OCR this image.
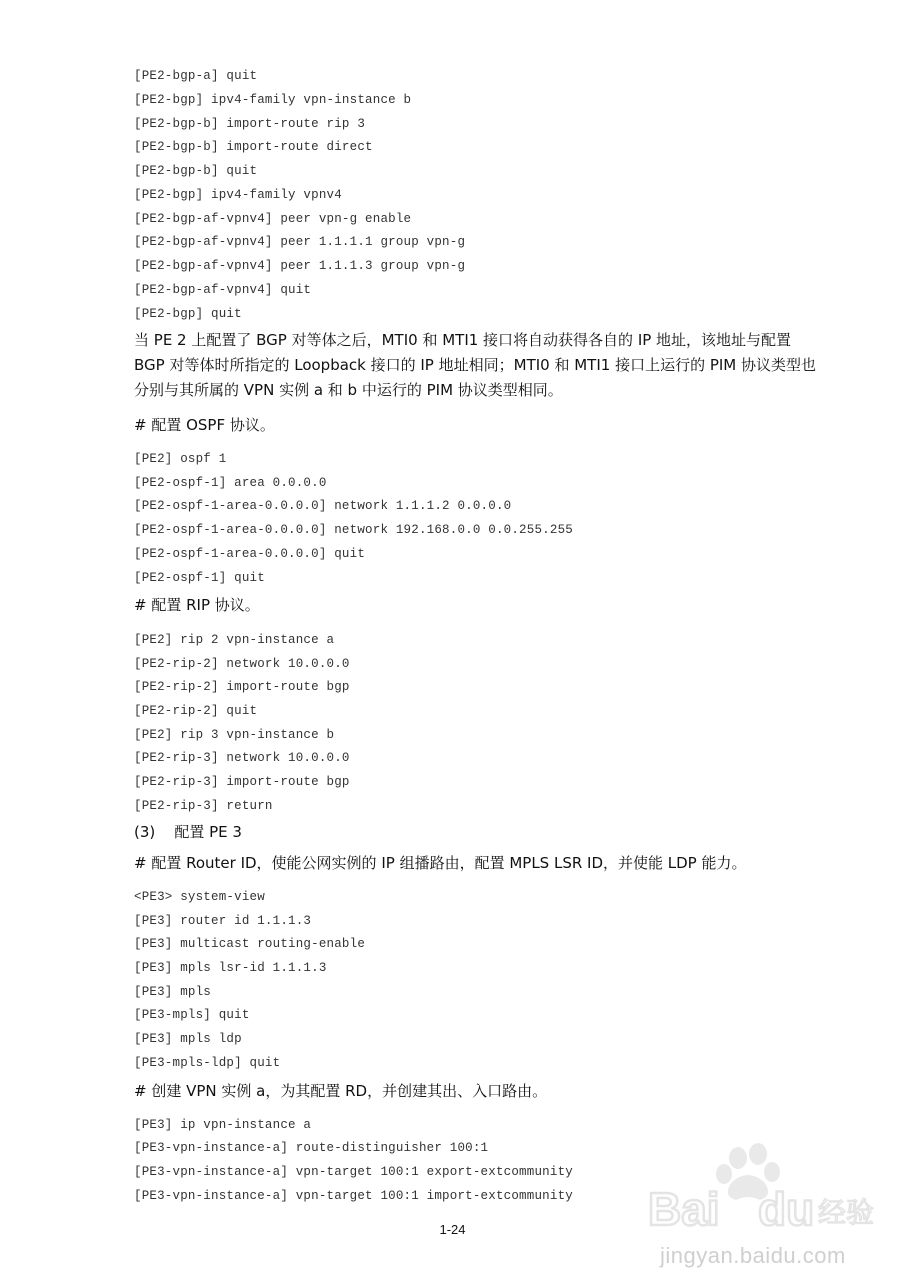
[PE2-bgp-a] quit
[PE2-bgp] ipv4-family vpn-instance b
[PE2-bgp-b] import-route rip 3
[PE2-bgp-b] import-route direct
[PE2-bgp-b] quit
[PE2-bgp] ipv4-family vpnv4
[PE2-bgp-af-vpnv4] peer vpn-g enable
[PE2-bgp-af-vpnv4] peer 1.1.1.1 group vpn-g
[PE2-bgp-af-vpnv4] peer 1.1.1.3 group vpn-g
[PE2-bgp-af-vpnv4] quit
[PE2-bgp] quit
当 PE 2 上配置了 BGP 对等体之后，MTI0 和 MTI1 接口将自动获得各自的 IP 地址，该地址与配置 BGP 对等体时所指定的 Loopback 接口的 IP 地址相同；MTI0 和 MTI1 接口上运行的 PIM 协议类型也分别与其所属的 VPN 实例 a 和 b 中运行的 PIM 协议类型相同。
# 配置 OSPF 协议。
[PE2] ospf 1
[PE2-ospf-1] area 0.0.0.0
[PE2-ospf-1-area-0.0.0.0] network 1.1.1.2 0.0.0.0
[PE2-ospf-1-area-0.0.0.0] network 192.168.0.0 0.0.255.255
[PE2-ospf-1-area-0.0.0.0] quit
[PE2-ospf-1] quit
# 配置 RIP 协议。
[PE2] rip 2 vpn-instance a
[PE2-rip-2] network 10.0.0.0
[PE2-rip-2] import-route bgp
[PE2-rip-2] quit
[PE2] rip 3 vpn-instance b
[PE2-rip-3] network 10.0.0.0
[PE2-rip-3] import-route bgp
[PE2-rip-3] return
(3)    配置 PE 3
# 配置 Router ID，使能公网实例的 IP 组播路由，配置 MPLS LSR ID，并使能 LDP 能力。
<PE3> system-view
[PE3] router id 1.1.1.3
[PE3] multicast routing-enable
[PE3] mpls lsr-id 1.1.1.3
[PE3] mpls
[PE3-mpls] quit
[PE3] mpls ldp
[PE3-mpls-ldp] quit
# 创建 VPN 实例 a，为其配置 RD，并创建其出、入口路由。
[PE3] ip vpn-instance a
[PE3-vpn-instance-a] route-distinguisher 100:1
[PE3-vpn-instance-a] vpn-target 100:1 export-extcommunity
[PE3-vpn-instance-a] vpn-target 100:1 import-extcommunity
1-24	Bai du 经验
jingyan.baidu.com
